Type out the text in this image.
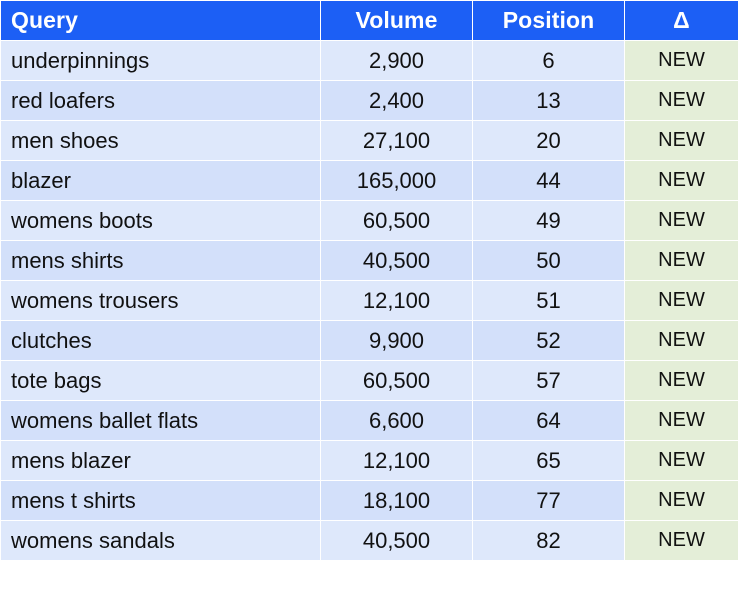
Query	Volume	Position	Δ
underpinnings	2,900	6	NEW
red loafers	2,400	13	NEW
men shoes	27,100	20	NEW
blazer	165,000	44	NEW
womens boots	60,500	49	NEW
mens shirts	40,500	50	NEW
womens trousers	12,100	51	NEW
clutches	9,900	52	NEW
tote bags	60,500	57	NEW
womens ballet flats	6,600	64	NEW
mens blazer	12,100	65	NEW
mens t shirts	18,100	77	NEW
womens sandals	40,500	82	NEW
